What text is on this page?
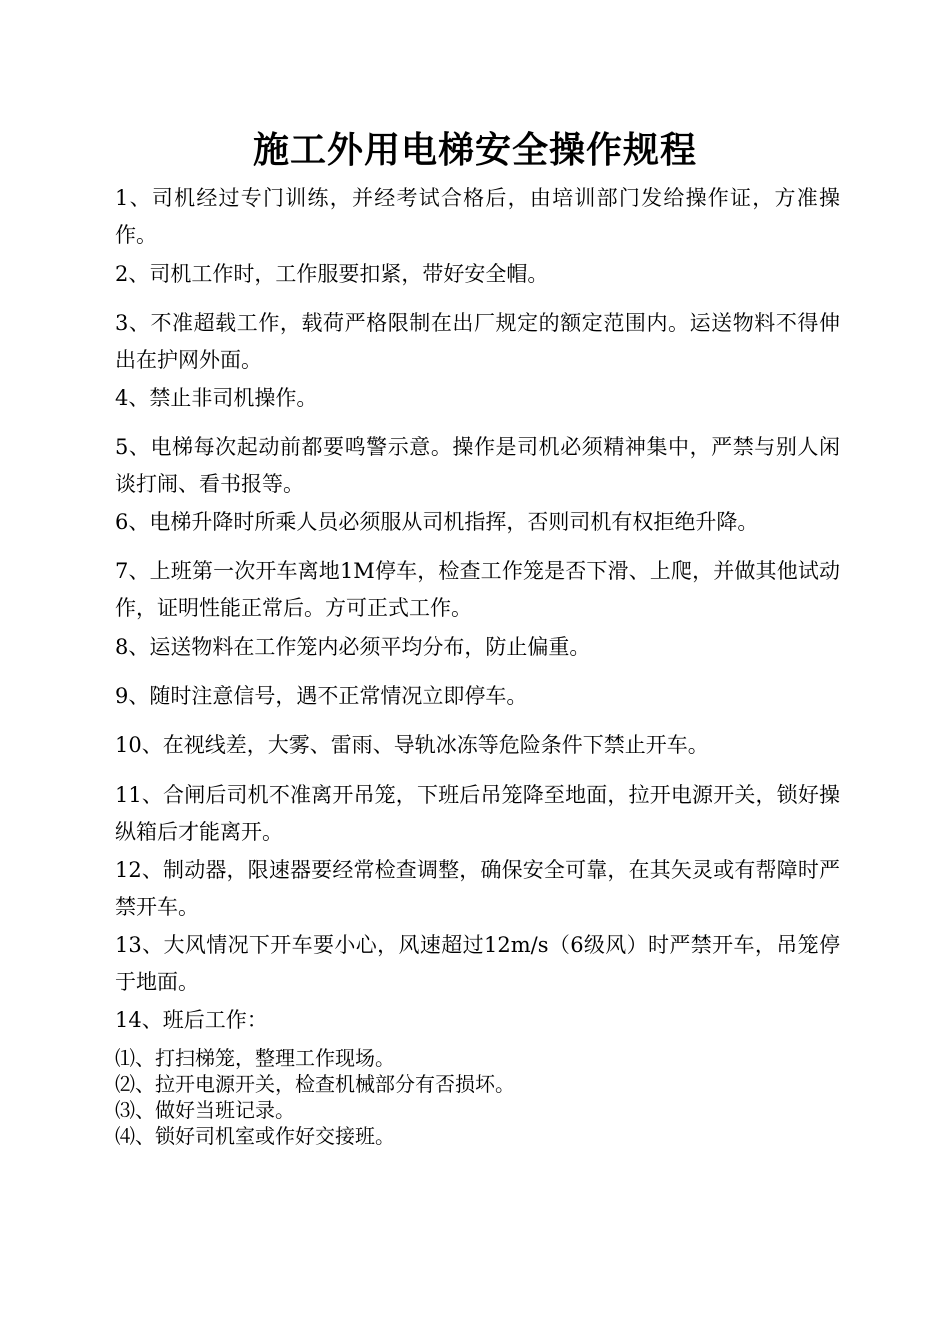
施工外用电梯安全操作规程
1、司机经过专门训练，并经考试合格后，由培训部门发给操作证，方准操作。
2、司机工作时，工作服要扣紧，带好安全帽。
3、不准超载工作，载荷严格限制在出厂规定的额定范围内。运送物料不得伸出在护网外面。
4、禁止非司机操作。
5、电梯每次起动前都要鸣警示意。操作是司机必须精神集中，严禁与别人闲谈打闹、看书报等。
6、电梯升降时所乘人员必须服从司机指挥，否则司机有权拒绝升降。
7、上班第一次开车离地1M停车，检查工作笼是否下滑、上爬，并做其他试动作，证明性能正常后。方可正式工作。
8、运送物料在工作笼内必须平均分布，防止偏重。
9、随时注意信号，遇不正常情况立即停车。
10、在视线差，大雾、雷雨、导轨冰冻等危险条件下禁止开车。
11、合闸后司机不准离开吊笼，下班后吊笼降至地面，拉开电源开关，锁好操纵箱后才能离开。
12、制动器，限速器要经常检查调整，确保安全可靠，在其矢灵或有帮障时严禁开车。
13、大风情况下开车要小心，风速超过12m/s（6级风）时严禁开车，吊笼停于地面。
14、班后工作：
⑴、打扫梯笼，整理工作现场。
⑵、拉开电源开关，检查机械部分有否损坏。
⑶、做好当班记录。
⑷、锁好司机室或作好交接班。
